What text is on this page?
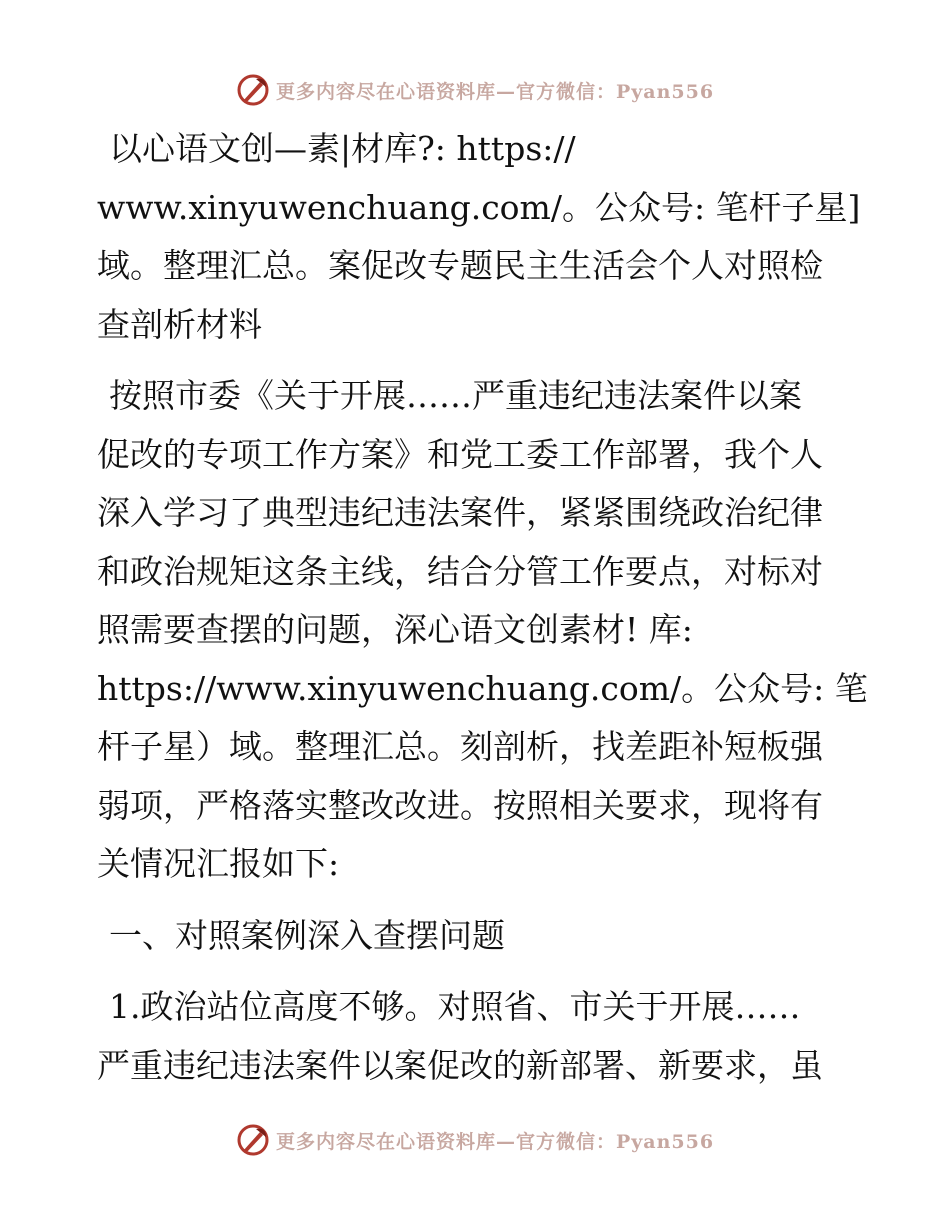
更多内容尽在心语资料库—官方微信：Pyan556
以心语文创—素|材库?: https://
www.xinyuwenchuang.com/。公众号: 笔杆子星]
域。整理汇总。案促改专题民主生活会个人对照检
查剖析材料
按照市委《关于开展……严重违纪违法案件以案
促改的专项工作方案》和党工委工作部署，我个人
深入学习了典型违纪违法案件，紧紧围绕政治纪律
和政治规矩这条主线，结合分管工作要点，对标对
照需要查摆的问题，深心语文创素材! 库:
https://www.xinyuwenchuang.com/。公众号: 笔
杆子星）域。整理汇总。刻剖析，找差距补短板强
弱项，严格落实整改改进。按照相关要求，现将有
关情况汇报如下:
一、对照案例深入查摆问题
1.政治站位高度不够。对照省、市关于开展……
严重违纪违法案件以案促改的新部署、新要求，虽
更多内容尽在心语资料库—官方微信：Pyan556
